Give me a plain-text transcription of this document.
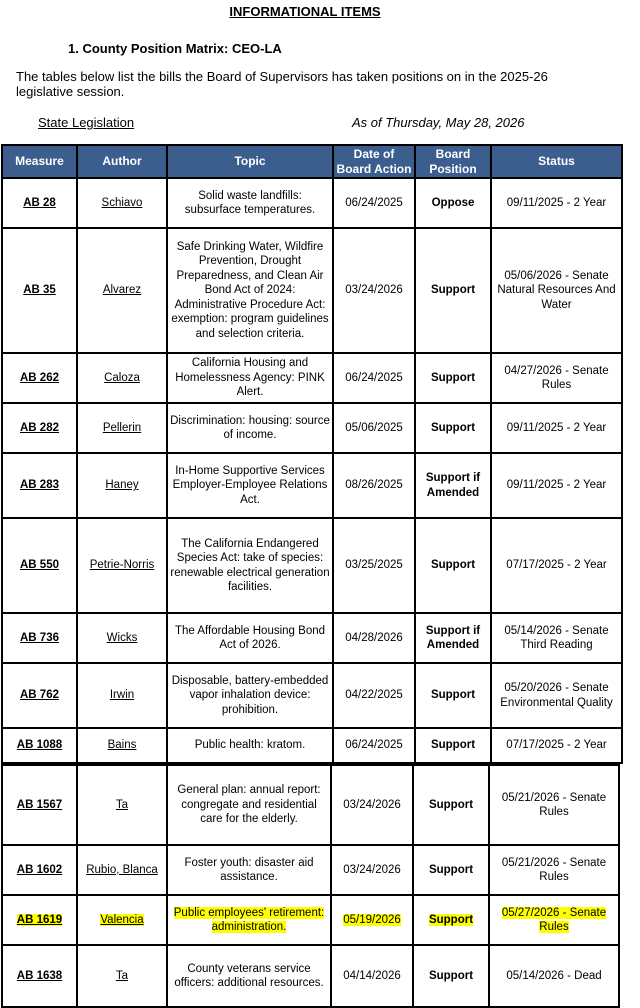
INFORMATIONAL ITEMS
1. County Position Matrix: CEO-LA
The tables below list the bills the Board of Supervisors has taken positions on in the 2025-26 legislative session.
State Legislation	As of Thursday, May 28, 2026
Measure	Author	Topic	Date of Board Action	Board Position	Status
AB 28	Schiavo	Solid waste landfills: subsurface temperatures.	06/24/2025	Oppose	09/11/2025 - 2 Year
AB 35	Alvarez	Safe Drinking Water, Wildfire Prevention, Drought Preparedness, and Clean Air Bond Act of 2024: Administrative Procedure Act: exemption: program guidelines and selection criteria.	03/24/2026	Support	05/06/2026 - Senate Natural Resources And Water
AB 262	Caloza	California Housing and Homelessness Agency: PINK Alert.	06/24/2025	Support	04/27/2026 - Senate Rules
AB 282	Pellerin	Discrimination: housing: source of income.	05/06/2025	Support	09/11/2025 - 2 Year
AB 283	Haney	In-Home Supportive Services Employer-Employee Relations Act.	08/26/2025	Support if Amended	09/11/2025 - 2 Year
AB 550	Petrie-Norris	The California Endangered Species Act: take of species: renewable electrical generation facilities.	03/25/2025	Support	07/17/2025 - 2 Year
AB 736	Wicks	The Affordable Housing Bond Act of 2026.	04/28/2026	Support if Amended	05/14/2026 - Senate Third Reading
AB 762	Irwin	Disposable, battery-embedded vapor inhalation device: prohibition.	04/22/2025	Support	05/20/2026 - Senate Environmental Quality
AB 1088	Bains	Public health: kratom.	06/24/2025	Support	07/17/2025 - 2 Year
AB 1567	Ta	General plan: annual report: congregate and residential care for the elderly.	03/24/2026	Support	05/21/2026 - Senate Rules
AB 1602	Rubio, Blanca	Foster youth: disaster aid assistance.	03/24/2026	Support	05/21/2026 - Senate Rules
AB 1619	Valencia	Public employees' retirement: administration.	05/19/2026	Support	05/27/2026 - Senate Rules
AB 1638	Ta	County veterans service officers: additional resources.	04/14/2026	Support	05/14/2026 - Dead
